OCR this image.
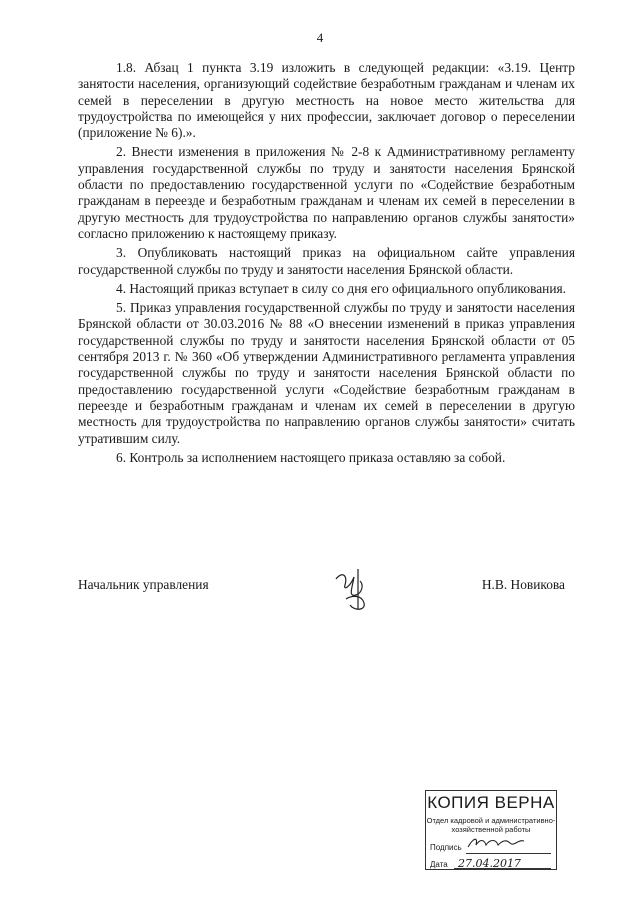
4

1.8. Абзац 1 пункта 3.19 изложить в следующей редакции: «3.19. Центр занятости населения, организующий содействие безработным гражданам и членам их семей в переселении в другую местность на новое место жительства для трудоустройства по имеющейся у них профессии, заключает договор о переселении (приложение № 6).».

2. Внести изменения в приложения № 2-8 к Административному регламенту управления государственной службы по труду и занятости населения Брянской области по предоставлению государственной услуги по «Содействие безработным гражданам в переезде и безработным гражданам и членам их семей в переселении в другую местность для трудоустройства по направлению органов службы занятости» согласно приложению к настоящему приказу.

3. Опубликовать настоящий приказ на официальном сайте управления государственной службы по труду и занятости населения Брянской области.

4. Настоящий приказ вступает в силу со дня его официального опубликования.

5. Приказ управления государственной службы по труду и занятости населения Брянской области от 30.03.2016 № 88 «О внесении изменений в приказ управления государственной службы по труду и занятости населения Брянской области от 05 сентября 2013 г. № 360 «Об утверждении Административного регламента управления государственной службы по труду и занятости населения Брянской области по предоставлению государственной услуги «Содействие безработным гражданам в переезде и безработным гражданам и членам их семей в переселении в другую местность для трудоустройства по направлению органов службы занятости» считать утратившим силу.

6. Контроль за исполнением настоящего приказа оставляю за собой.

Начальник управления	Н.В. Новикова
КОПИЯ ВЕРНА
Отдел кадровой и административно-хозяйственной работы
Подпись
Дата 27.04.2017
